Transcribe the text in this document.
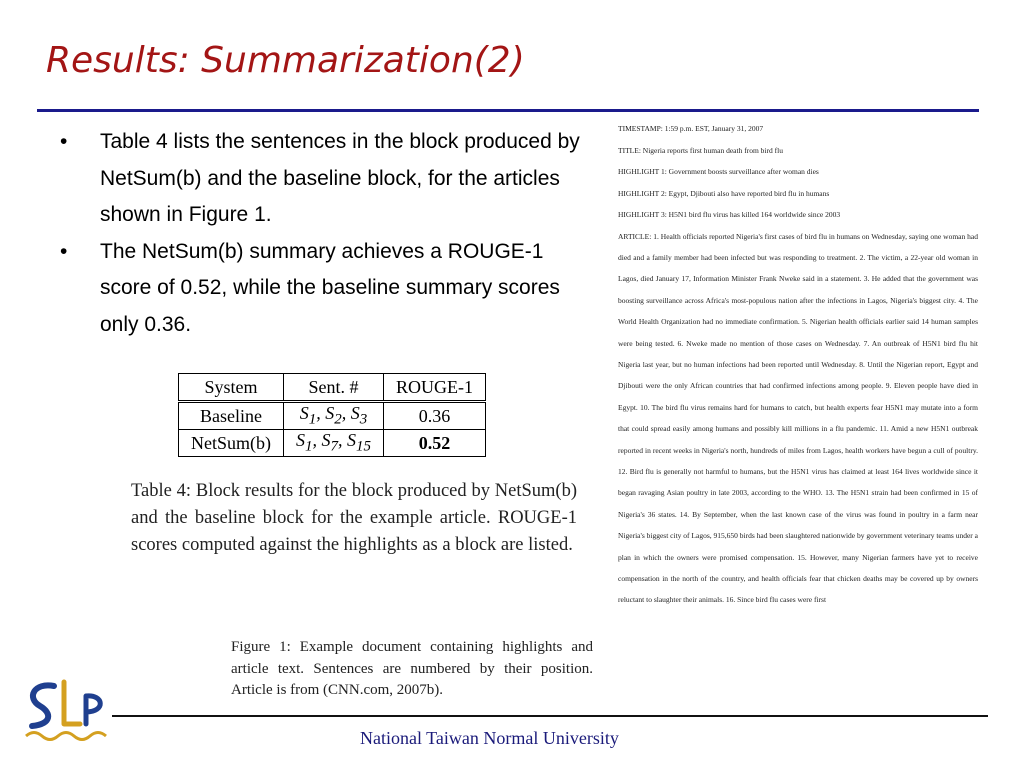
Results: Summarization(2)
• Table 4 lists the sentences in the block produced by NetSum(b) and the baseline block, for the articles shown in Figure 1.
• The NetSum(b) summary achieves a ROUGE-1 score of 0.52, while the baseline summary scores only 0.36.
System	Sent. #	ROUGE-1
Baseline	$S_1$, $S_2$, $S_3$	0.36
NetSum(b)	$S_1$, $S_7$, $S_{15}$	0.52

Table 4: Block results for the block produced by NetSum(b) and the baseline block for the example article. ROUGE-1 scores computed against the highlights as a block are listed.

Figure 1: Example document containing highlights and article text. Sentences are numbered by their position. Article is from (CNN.com, 2007b).

TIMESTAMP: 1:59 p.m. EST, January 31, 2007
TITLE: Nigeria reports first human death from bird flu
HIGHLIGHT 1: Government boosts surveillance after woman dies
HIGHLIGHT 2: Egypt, Djibouti also have reported bird flu in humans
HIGHLIGHT 3: H5N1 bird flu virus has killed 164 worldwide since 2003
ARTICLE: 1. Health officials reported Nigeria's first cases of bird flu in humans on Wednesday, saying one woman had died and a family member had been infected but was responding to treatment. 2. The victim, a 22-year old woman in Lagos, died January 17, Information Minister Frank Nweke said in a statement. 3. He added that the government was boosting surveillance across Africa's most-populous nation after the infections in Lagos, Nigeria's biggest city. 4. The World Health Organization had no immediate confirmation. 5. Nigerian health officials earlier said 14 human samples were being tested. 6. Nweke made no mention of those cases on Wednesday. 7. An outbreak of H5N1 bird flu hit Nigeria last year, but no human infections had been reported until Wednesday. 8. Until the Nigerian report, Egypt and Djibouti were the only African countries that had confirmed infections among people. 9. Eleven people have died in Egypt. 10. The bird flu virus remains hard for humans to catch, but health experts fear H5N1 may mutate into a form that could spread easily among humans and possibly kill millions in a flu pandemic. 11. Amid a new H5N1 outbreak reported in recent weeks in Nigeria's north, hundreds of miles from Lagos, health workers have begun a cull of poultry. 12. Bird flu is generally not harmful to humans, but the H5N1 virus has claimed at least 164 lives worldwide since it began ravaging Asian poultry in late 2003, according to the WHO. 13. The H5N1 strain had been confirmed in 15 of Nigeria's 36 states. 14. By September, when the last known case of the virus was found in poultry in a farm near Nigeria's biggest city of Lagos, 915,650 birds had been slaughtered nationwide by government veterinary teams under a plan in which the owners were promised compensation. 15. However, many Nigerian farmers have yet to receive compensation in the north of the country, and health officials fear that chicken deaths may be covered up by owners reluctant to slaughter their animals. 16. Since bird flu cases were first
National Taiwan Normal University
